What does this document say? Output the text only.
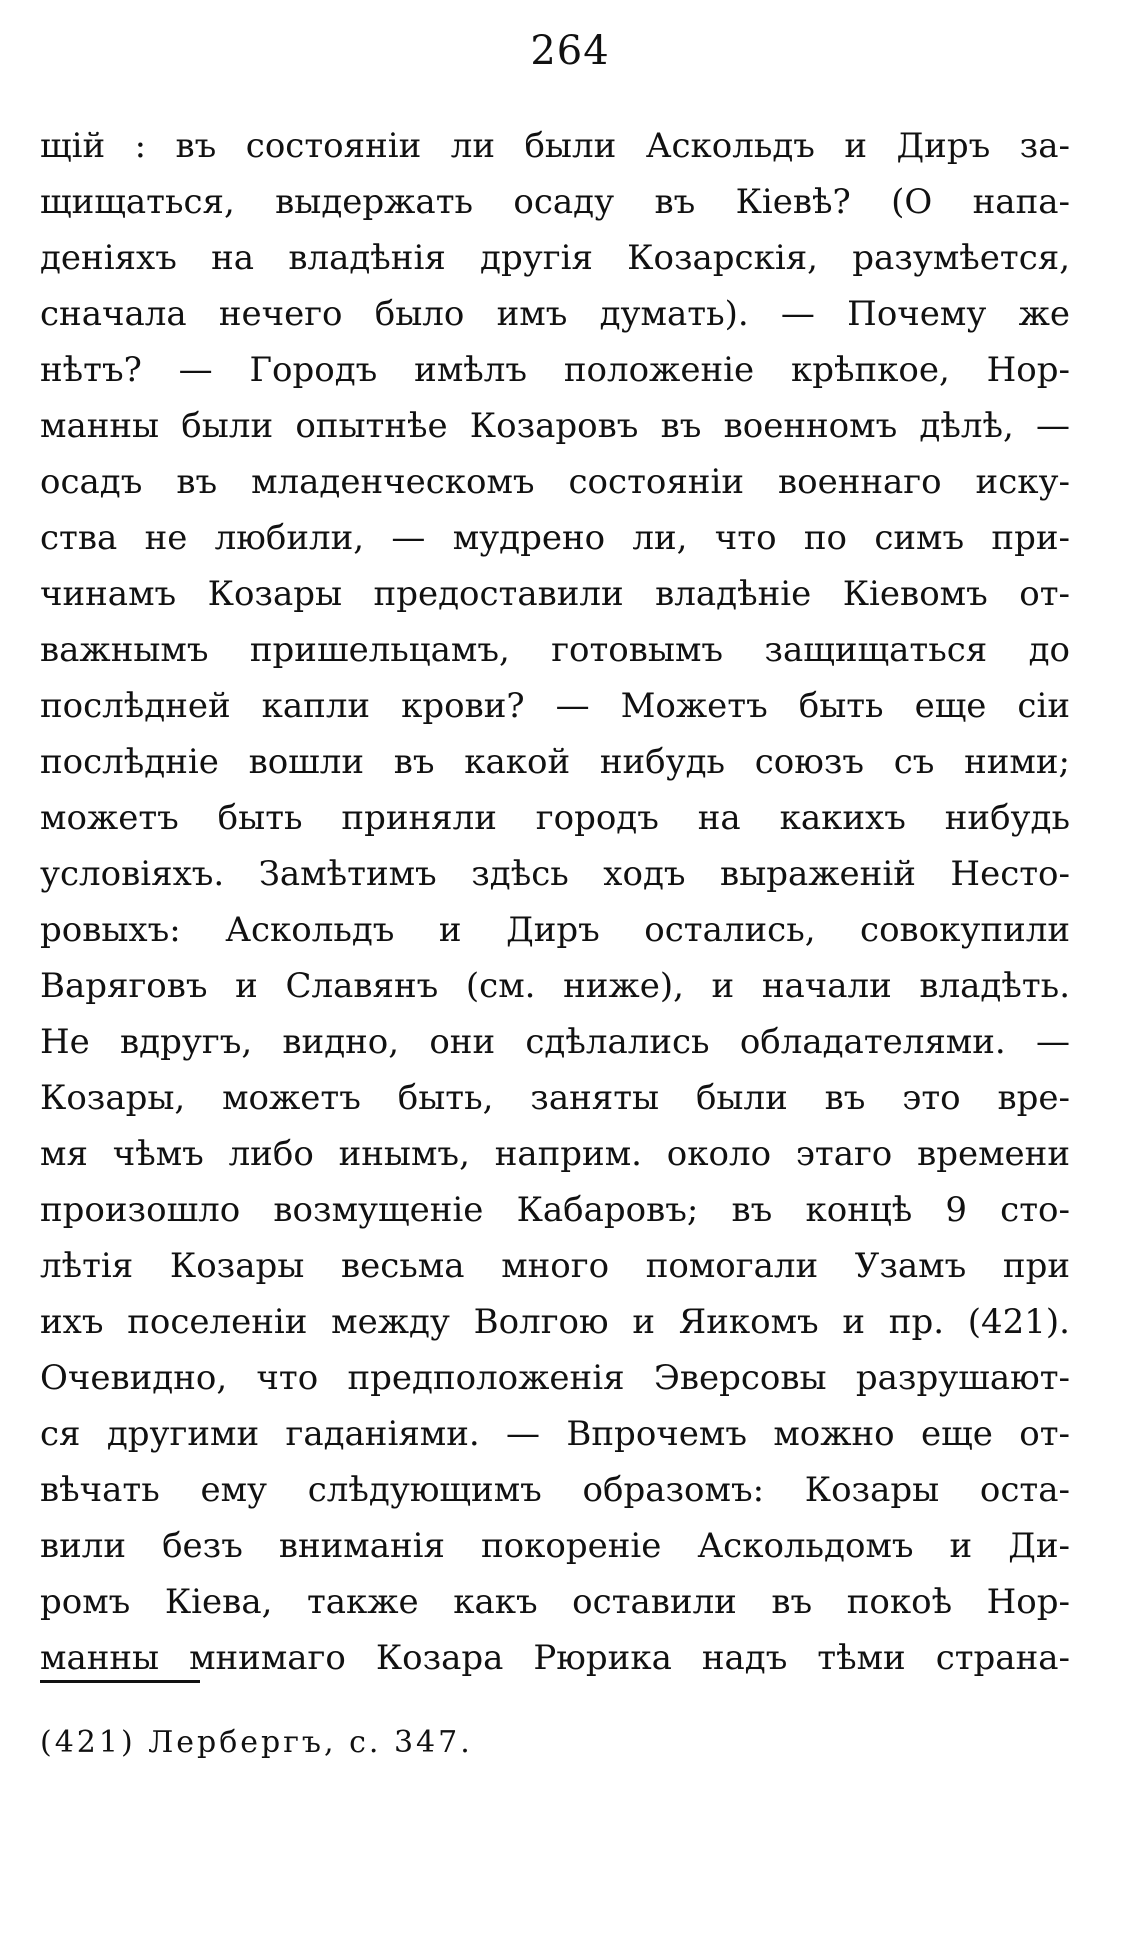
264
щій : въ состояніи ли были Аскольдъ и Диръ за-
щищаться, выдержать осаду въ Кіевѣ? (О напа-
деніяхъ на владѣнія другія Козарскія, разумѣется,
сначала нечего было имъ думать). — Почему же
нѣтъ? — Городъ имѣлъ положеніе крѣпкое, Нор-
манны были опытнѣе Козаровъ въ военномъ дѣлѣ, —
осадъ въ младенческомъ состояніи военнаго иску-
ства не любили, — мудрено ли, что по симъ при-
чинамъ Козары предоставили владѣніе Кіевомъ от-
важнымъ пришельцамъ, готовымъ защищаться до
послѣдней капли крови? — Можетъ быть еще сіи
послѣдніе вошли въ какой нибудь союзъ съ ними;
можетъ быть приняли городъ на какихъ нибудь
условіяхъ. Замѣтимъ здѣсь ходъ выраженій Несто-
ровыхъ: Аскольдъ и Диръ остались, совокупили
Варяговъ и Славянъ (см. ниже), и начали владѣть.
Не вдругъ, видно, они сдѣлались обладателями. —
Козары, можетъ быть, заняты были въ это вре-
мя чѣмъ либо инымъ, наприм. около этаго времени
произошло возмущеніе Кабаровъ; въ концѣ 9 сто-
лѣтія Козары весьма много помогали Узамъ при
ихъ поселеніи между Волгою и Яикомъ и пр. (421).
Очевидно, что предположенія Эверсовы разрушают-
ся другими гаданіями. — Впрочемъ можно еще от-
вѣчать ему слѣдующимъ образомъ: Козары оста-
вили безъ вниманія покореніе Аскольдомъ и Ди-
ромъ Кіева, также какъ оставили въ покоѣ Нор-
манны мнимаго Козара Рюрика надъ тѣми страна-
(421) Лербергъ, с. 347.
